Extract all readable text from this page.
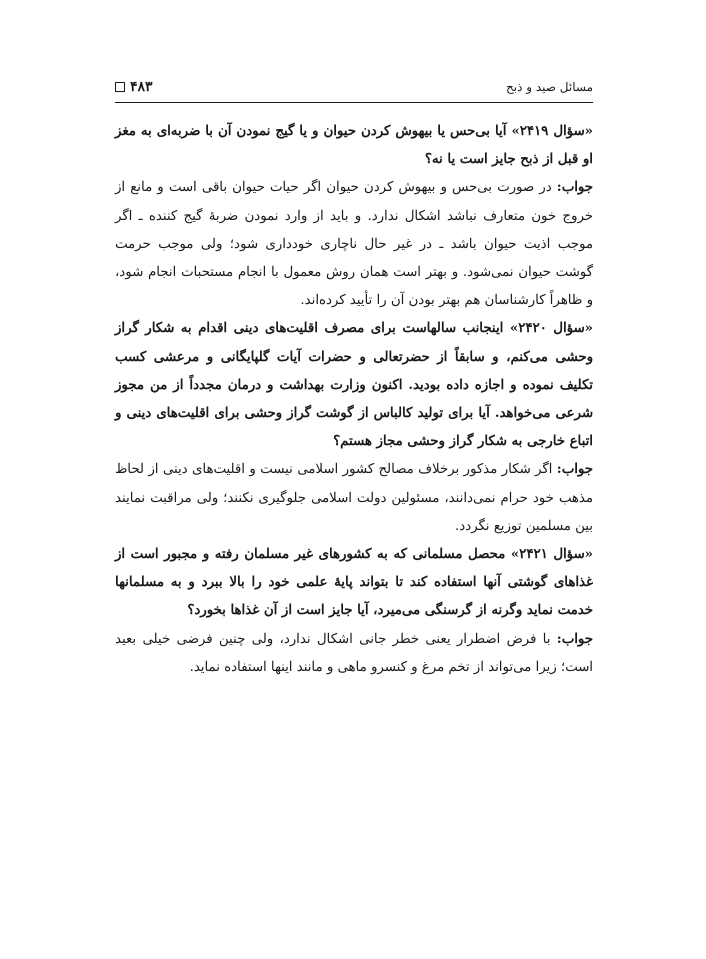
مسائل صید و ذبح
۴۸۳

«سؤال ۲۴۱۹» آیا بی‌حس یا بیهوش کردن حیوان و یا گیج نمودن آن با ضربه‌ای به مغز او قبل از ذبح جایز است یا نه؟

جواب: در صورت بی‌حس و بیهوش کردن حیوان اگر حیات حیوان باقی است و مانع از خروج خون متعارف نباشد اشکال ندارد. و باید از وارد نمودن ضربهٔ گیج کننده ـ اگر موجب اذیت حیوان باشد ـ در غیر حال ناچاری خودداری شود؛ ولی موجب حرمت گوشت حیوان نمی‌شود. و بهتر است همان روش معمول با انجام مستحبات انجام شود، و ظاهراً کارشناسان هم بهتر بودن آن را تأیید کرده‌اند.

«سؤال ۲۴۲۰» اینجانب سالهاست برای مصرف اقلیت‌های دینی اقدام به شکار گراز وحشی می‌کنم، و سابقاً از حضرتعالی و حضرات آیات گلپایگانی و مرعشی کسب تکلیف نموده و اجازه داده بودید. اکنون وزارت بهداشت و درمان مجدداً از من مجوز شرعی می‌خواهد. آیا برای تولید کالباس از گوشت گراز وحشی برای اقلیت‌های دینی و اتباع خارجی به شکار گراز وحشی مجاز هستم؟

جواب: اگر شکار مذکور برخلاف مصالح کشور اسلامی نیست و اقلیت‌های دینی از لحاظ مذهب خود حرام نمی‌دانند، مسئولین دولت اسلامی جلوگیری نکنند؛ ولی مراقبت نمایند بین مسلمین توزیع نگردد.

«سؤال ۲۴۲۱» محصل مسلمانی که به کشورهای غیر مسلمان رفته و مجبور است از غذاهای گوشتی آنها استفاده کند تا بتواند پایهٔ علمی خود را بالا ببرد و به مسلمانها خدمت نماید وگرنه از گرسنگی می‌میرد، آیا جایز است از آن غذاها بخورد؟

جواب: با فرض اضطرار یعنی خطر جانی اشکال ندارد، ولی چنین فرضی خیلی بعید است؛ زیرا می‌تواند از تخم مرغ و کنسرو ماهی و مانند اینها استفاده نماید.
